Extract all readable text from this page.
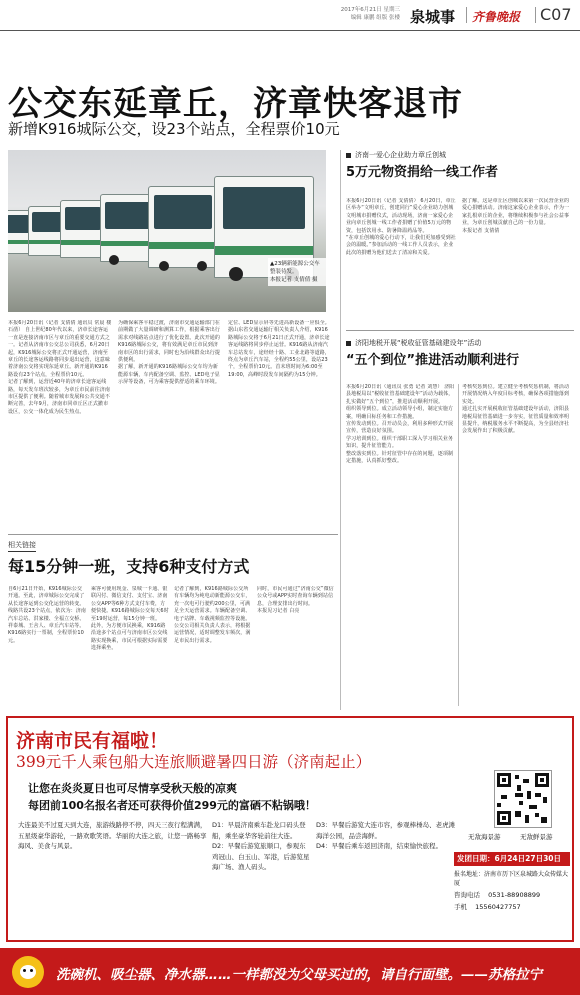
2017年6月21日 星期三
编辑 康鹏 组版 张楼 泉城事 齐鲁晚报 C07
公交东延章丘，济章快客退市
新增K916城际公交，设23个站点，全程票价10元
▲23辆新能源公交车整装待发。
本报记者 支倩倩 摄
本报6月20日讯（记者 支倩倩 通讯员 常晨 楼石凿） 自上世纪80年代以来，济章长途客运一直是连接济南市区与章丘的重要交通方式之一。记者从济南市公交总公司获悉，6月20日起，K916城际公交将正式开通运营，济南至章丘的长途客运线路将同步退出运营，这意味着济南公交将实现东延章丘。新开通的K916路设有23个站点，全程票价10元。
记者了解到，运营近40年的济章长途客运线路，每天发车班次较多，为章丘市民前往济南市区提供了便利。随着城市发展和公共交通不断完善，去年9月，济南市同章丘区正式撤市设区，公交一体化成为民生热点。
为确保乘客平稳过渡，济南市交通运输部门在前期做了大量调研和测算工作，根据乘客出行需求对线路站点进行了优化设置。此次开通的K916路城际公交，将有效满足章丘市民到济南市区的出行需求，同时也为沿线群众出行提供便利。
据了解，新开通的K916路城际公交车均为新能源车辆，车内配备空调、监控、LED电子显示屏等设备，可为乘客提供舒适的乘车环境。
定位、LED显示屏等先进高新设备一应俱全。
据山东省交通运输厅相关负责人介绍，K916路城际公交将于6月21日正式开通，济章长途客运线路将同步停止运营。K916路从济南汽车总站发车，途经经十路、工业北路等道路，终点为章丘汽车站，全程约55公里，设站23个，全程票价10元。首末班时间为6:00至19:00，高峰时段发车间隔约为15分钟。
济南一爱心企业助力章丘创城
5万元物资捐给一线工作者
本报6月20日讯（记者 支倩倩） 6月20日，章丘区举办“文明章丘，创建同行”爱心企业助力创城文明城市捐赠仪式，活动现场，济南一家爱心企业向章丘创城一线工作者捐赠了价值5万元的物资，包括饮用水、防暑降温药品等。
“在章丘创城的爱心行动下，让我们更加感受到社会的温暖。”参加活动的一线工作人员表示，企业此次的捐赠为他们送去了清凉和关爱。
据了解，这是章丘区创城以来第一次民营企业的爱心捐赠活动。济南这家爱心企业表示，作为一家扎根章丘的企业，将继续积极参与社会公益事业，为章丘创城贡献自己的一份力量。
本报记者 支倩倩
济阳地税开展“税收征管基础建设年”活动
“五个到位”推进活动顺利进行
本报6月20日讯（通讯员 张勇 记者 刘慧） 济阳县地税局以“税收征管基础建设年”活动为载体，扎实做好“五个到位”，推进活动顺利开展。
组织领导到位。成立活动领导小组，制定实施方案，明确目标任务和工作措施。
宣传发动到位。召开动员会，利用多种形式开展宣传，营造良好氛围。
学习培训到位。组织干部职工深入学习相关业务知识，提升征管能力。
整改落实到位。针对征管中存在的问题，逐项制定措施，认真抓好整改。
考核奖惩到位。建立健全考核奖惩机制，将活动开展情况纳入年度目标考核，确保各项措施落到实处。
通过扎实开展税收征管基础建设年活动，济阳县地税局征管基础进一步夯实，征管质量和效率明显提升，纳税服务水平不断提高，为全县经济社会发展作出了积极贡献。
相关链接
每15分钟一班，支持6种支付方式
自6月21日开始，K916城际公交开通。至此，济章城际公交完成了从长途客运到公交化运营的转变。线路共设23个站点，依次为：济南汽车总站、洪家楼、全福立交桥、祥泰城、王舍人、章丘汽车站等。K916路实行一票制，全程票价10元。
乘客可使用现金、泉城一卡通、银联闪付、微信支付、支付宝、济南公交APP等6种方式支付车费，方便快捷。K916路城际公交每天6时至19时运营，每15分钟一班。
此外，为方便市民换乘，K916路沿途多个站点可与济南市区公交线路实现换乘，市民可根据实际需要选择乘坐。
记者了解到，K916路城际公交所有车辆均为纯电动新能源公交车，充一次电可行驶约200公里，可满足全天运营需求。车辆配备空调、电子站牌、车载视频监控等设施。公交公司相关负责人表示，将根据运营情况，适时调整发车频次，满足市民出行需求。
同时，市民可通过“济南公交”微信公众号或APP实时查询车辆到站信息，合理安排出行时间。
本报见习记者 白亮
济南市民有福啦！
399元千人乘包船大连旅顺避暑四日游（济南起止）
让您在炎炎夏日也可尽情享受秋天般的凉爽
每团前100名报名者还可获得价值299元的富硒不粘锅哦！
无敌海景游	无敌鲜景游
大连最美不过夏天到大连，旅游线路停不停，四天三夜行程满满，五星级豪华游轮，一路欢歌笑语。华丽的大连之旅，让您一路畅享海风、美食与风景。
D1：早晨济南乘车赴龙口码头登船，乘坐豪华客轮前往大连。
D2：早餐后游览旅顺口，参观东鸡冠山、白玉山、军港，后游览星海广场、渔人码头。
D3：早餐后游览大连市容，参观棒棰岛、老虎滩海洋公园，品尝海鲜。
D4：早餐后乘车返回济南，结束愉快旅程。
发团日期：6月24日27日30日
报名地址：济南市历下区泉城路大众传媒大厦
咨询电话 0531-88908899
手机 15560427757
洗碗机、吸尘器、净水器……一样都没为父母买过的，请自行面壁。——苏格拉宁
